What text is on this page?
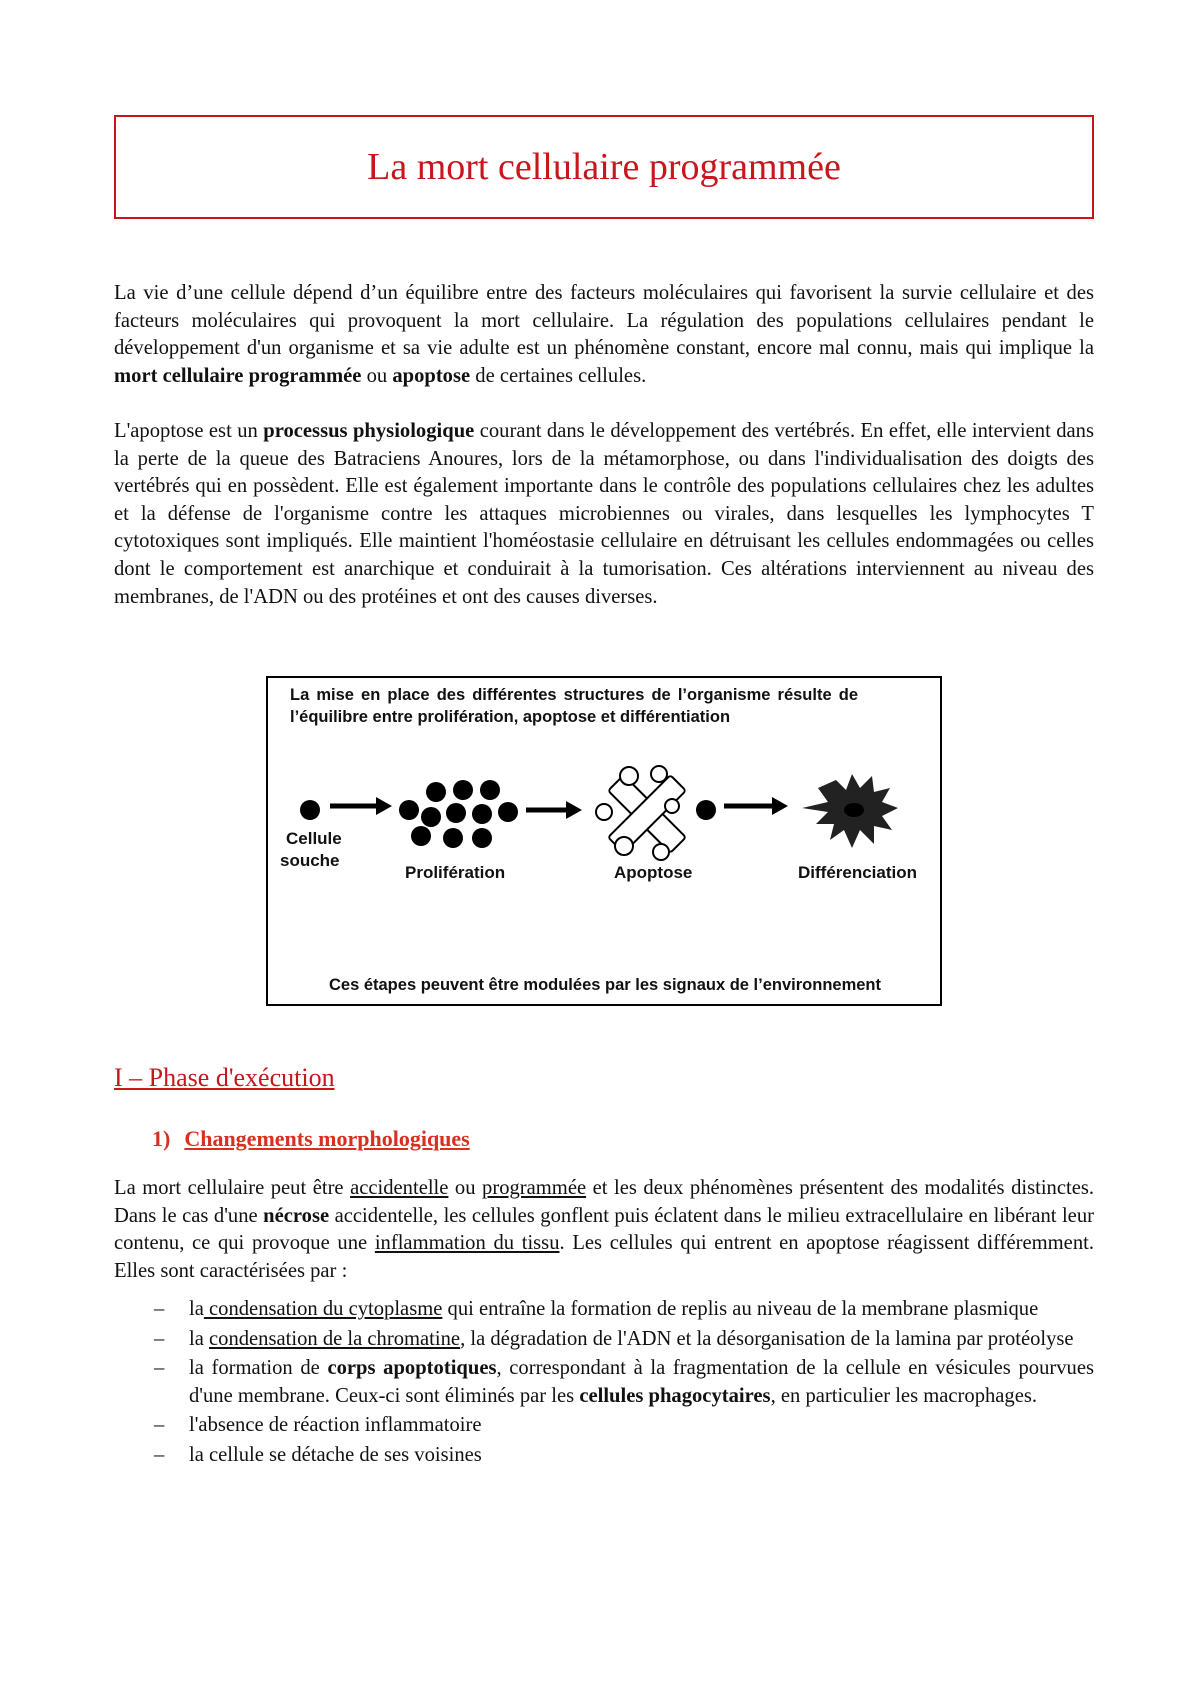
La mort cellulaire programmée

La vie d’une cellule dépend d’un équilibre entre des facteurs moléculaires qui favorisent la survie cellulaire et des facteurs moléculaires qui provoquent la mort cellulaire. La régulation des populations cellulaires pendant le développement d'un organisme et sa vie adulte est un phénomène constant, encore mal connu, mais qui implique la mort cellulaire programmée ou apoptose de certaines cellules.

L'apoptose est un processus physiologique courant dans le développement des vertébrés. En effet, elle intervient dans la perte de la queue des Batraciens Anoures, lors de la métamorphose, ou dans l'individualisation des doigts des vertébrés qui en possèdent. Elle est également importante dans le contrôle des populations cellulaires chez les adultes et la défense de l'organisme contre les attaques microbiennes ou virales, dans lesquelles les lymphocytes T cytotoxiques sont impliqués. Elle maintient l'homéostasie cellulaire en détruisant les cellules endommagées ou celles dont le comportement est anarchique et conduirait à la tumorisation. Ces altérations interviennent au niveau des membranes, de l'ADN ou des protéines et ont des causes diverses.

La mise en place des différentes structures de l’organisme résulte de l’équilibre entre prolifération, apoptose et différentiation

Cellule

souche

Prolifération	Apoptose	Différenciation

Ces étapes peuvent être modulées par les signaux de l’environnement

I – Phase d'exécution
1) Changements morphologiques

La mort cellulaire peut être accidentelle ou programmée et les deux phénomènes présentent des modalités distinctes. Dans le cas d'une nécrose accidentelle, les cellules gonflent puis éclatent dans le milieu extracellulaire en libérant leur contenu, ce qui provoque une inflammation du tissu. Les cellules qui entrent en apoptose réagissent différemment. Elles sont caractérisées par :

– la condensation du cytoplasme qui entraîne la formation de replis au niveau de la membrane plasmique
– la condensation de la chromatine, la dégradation de l'ADN et la désorganisation de la lamina par protéolyse
– la formation de corps apoptotiques, correspondant à la fragmentation de la cellule en vésicules pourvues d'une membrane. Ceux-ci sont éliminés par les cellules phagocytaires, en particulier les macrophages.
– l'absence de réaction inflammatoire
– la cellule se détache de ses voisines
